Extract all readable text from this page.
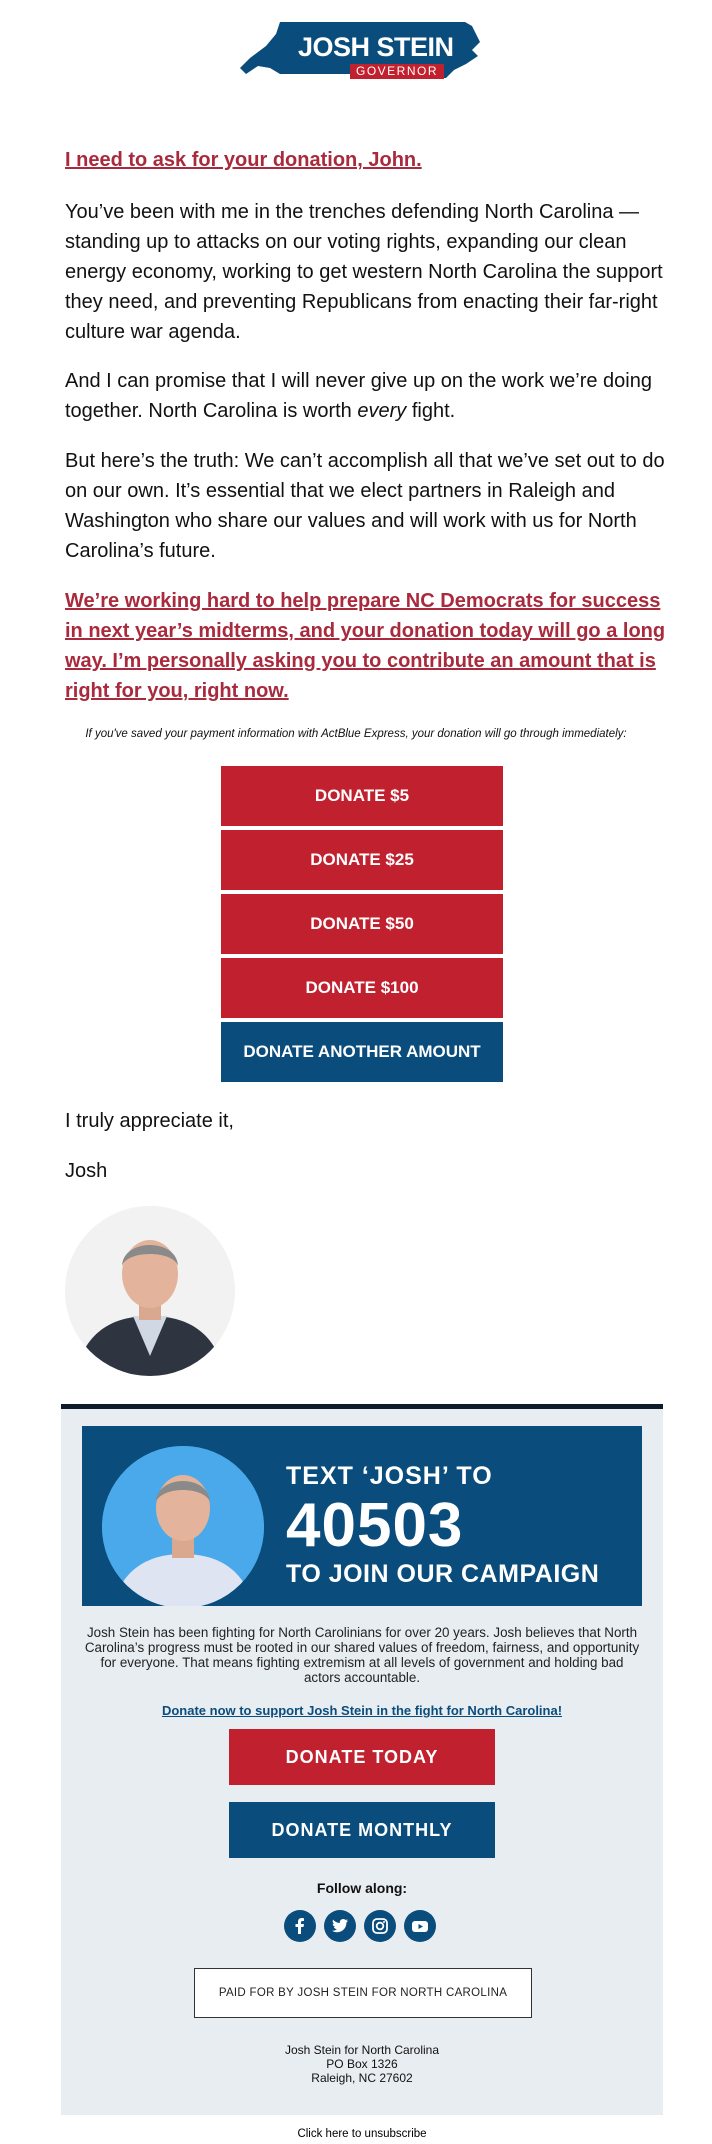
JOSH STEIN
GOVERNOR
I need to ask for your donation, John.
You’ve been with me in the trenches defending North Carolina — standing up to attacks on our voting rights, expanding our clean energy economy, working to get western North Carolina the support they need, and preventing Republicans from enacting their far-right culture war agenda.
And I can promise that I will never give up on the work we’re doing together. North Carolina is worth every fight.
But here’s the truth: We can’t accomplish all that we’ve set out to do on our own. It’s essential that we elect partners in Raleigh and Washington who share our values and will work with us for North Carolina’s future.
We’re working hard to help prepare NC Democrats for success in next year’s midterms, and your donation today will go a long way. I’m personally asking you to contribute an amount that is right for you, right now.
If you've saved your payment information with ActBlue Express, your donation will go through immediately:
DONATE $5
DONATE $25
DONATE $50
DONATE $100
DONATE ANOTHER AMOUNT
I truly appreciate it,
Josh
TEXT ‘JOSH’ TO
40503
TO JOIN OUR CAMPAIGN
Josh Stein has been fighting for North Carolinians for over 20 years. Josh believes that North Carolina’s progress must be rooted in our shared values of freedom, fairness, and opportunity for everyone. That means fighting extremism at all levels of government and holding bad actors accountable.
Donate now to support Josh Stein in the fight for North Carolina!
DONATE TODAY
DONATE MONTHLY
Follow along:
PAID FOR BY JOSH STEIN FOR NORTH CAROLINA
Josh Stein for North Carolina
PO Box 1326
Raleigh, NC 27602
Click here to unsubscribe
